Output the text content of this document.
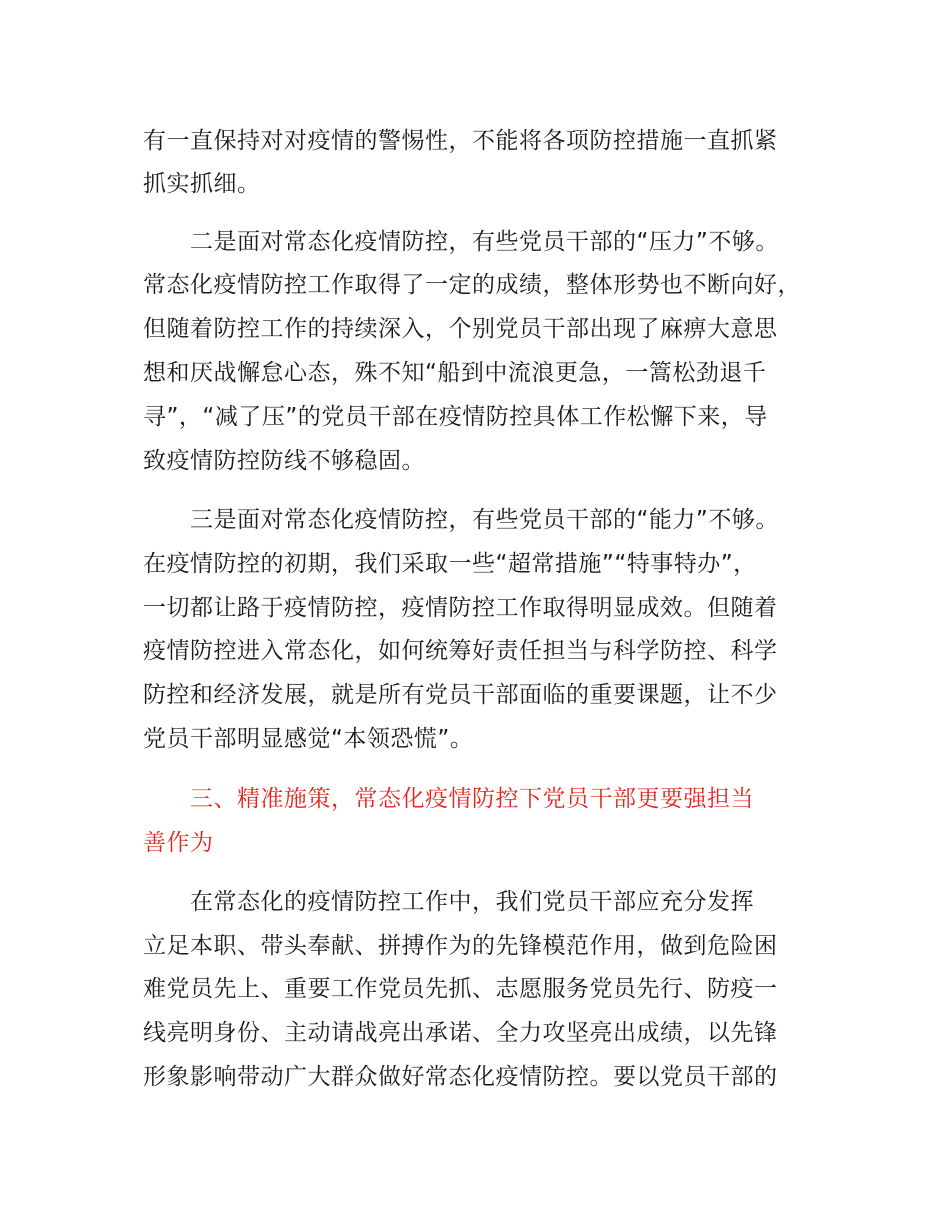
有一直保持对对疫情的警惕性，不能将各项防控措施一直抓紧
抓实抓细。
二是面对常态化疫情防控，有些党员干部的“压力”不够。
常态化疫情防控工作取得了一定的成绩，整体形势也不断向好，
但随着防控工作的持续深入，个别党员干部出现了麻痹大意思
想和厌战懈怠心态，殊不知“船到中流浪更急，一篙松劲退千
寻”，“减了压”的党员干部在疫情防控具体工作松懈下来，导
致疫情防控防线不够稳固。
三是面对常态化疫情防控，有些党员干部的“能力”不够。
在疫情防控的初期，我们采取一些“超常措施”“特事特办”，
一切都让路于疫情防控，疫情防控工作取得明显成效。但随着
疫情防控进入常态化，如何统筹好责任担当与科学防控、科学
防控和经济发展，就是所有党员干部面临的重要课题，让不少
党员干部明显感觉“本领恐慌”。
三、精准施策，常态化疫情防控下党员干部更要强担当
善作为
在常态化的疫情防控工作中，我们党员干部应充分发挥
立足本职、带头奉献、拼搏作为的先锋模范作用，做到危险困
难党员先上、重要工作党员先抓、志愿服务党员先行、防疫一
线亮明身份、主动请战亮出承诺、全力攻坚亮出成绩，以先锋
形象影响带动广大群众做好常态化疫情防控。要以党员干部的
